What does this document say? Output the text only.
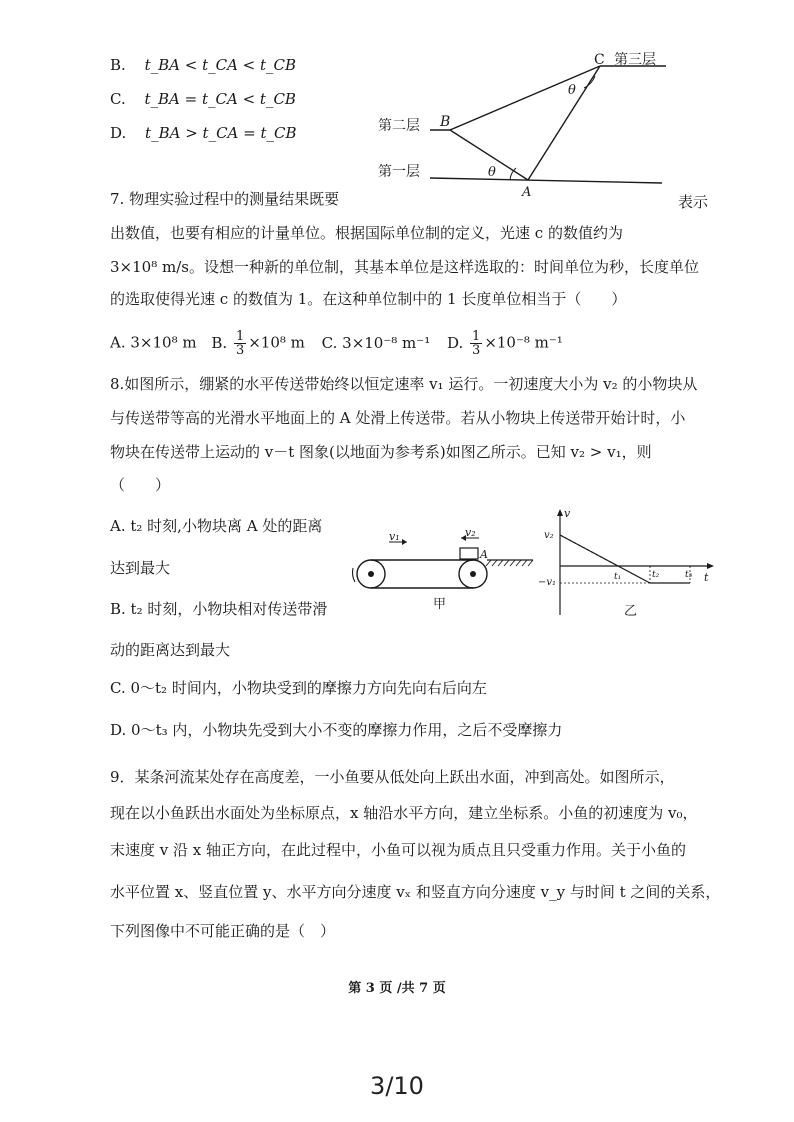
B. t_BA < t_CA < t_CB
C. t_BA = t_CA < t_CB
D. t_BA > t_CA = t_CB
C 第三层
B
第二层
第一层
A
θ
θ
7. 物理实验过程中的测量结果既要	表示
出数值，也要有相应的计量单位。根据国际单位制的定义，光速 c 的数值约为
3×10⁸ m/s。设想一种新的单位制，其基本单位是这样选取的：时间单位为秒，长度单位
的选取使得光速 c 的数值为 1。在这种单位制中的 1 长度单位相当于（　　）
A. 3×10⁸ m B. $\frac{1}{3} \times 10^8$ m C. 3×10⁻⁸ m⁻¹ D. $\frac{1}{3} \times 10^{-8}$ m⁻¹
8.如图所示，绷紧的水平传送带始终以恒定速率 v₁ 运行。一初速度大小为 v₂ 的小物块从
与传送带等高的光滑水平地面上的 A 处滑上传送带。若从小物块上传送带开始计时，小
物块在传送带上运动的 v－t 图象(以地面为参考系)如图乙所示。已知 v₂ > v₁，则
（　　）
A. t₂ 时刻,小物块离 A 处的距离
达到最大
B. t₂ 时刻，小物块相对传送带滑
动的距离达到最大
C. 0～t₂ 时间内，小物块受到的摩擦力方向先向右后向左
D. 0～t₃ 内，小物块先受到大小不变的摩擦力作用，之后不受摩擦力
v₁	v₂
A
甲
v
t
v₂
−v₁	t₁	t₂	t₃
乙
9．某条河流某处存在高度差，一小鱼要从低处向上跃出水面，冲到高处。如图所示，
现在以小鱼跃出水面处为坐标原点，x 轴沿水平方向，建立坐标系。小鱼的初速度为 v₀，
末速度 v 沿 x 轴正方向，在此过程中，小鱼可以视为质点且只受重力作用。关于小鱼的
水平位置 x、竖直位置 y、水平方向分速度 vₓ 和竖直方向分速度 v_y 与时间 t 之间的关系，
下列图像中不可能正确的是（　）
第 3 页 /共 7 页
3/10
